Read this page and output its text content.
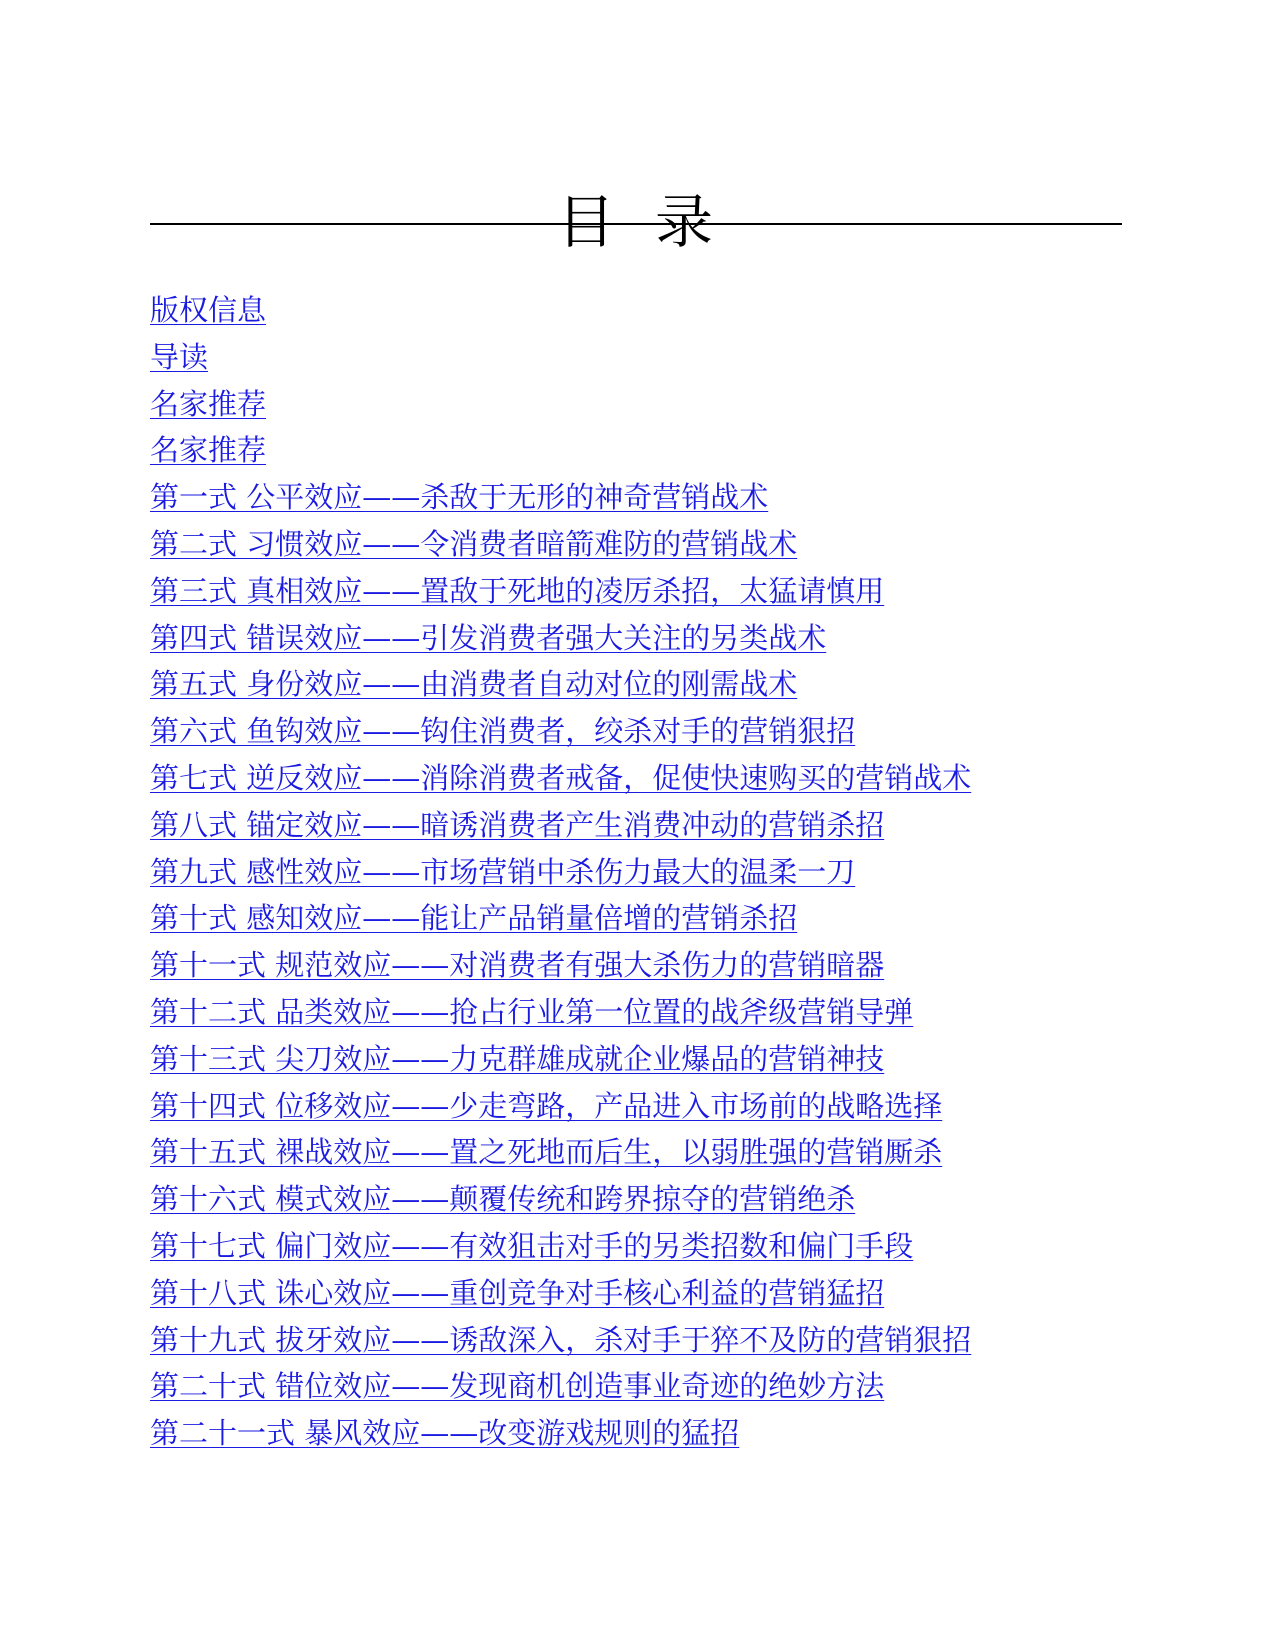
目录
版权信息
导读
名家推荐
名家推荐
第一式 公平效应——杀敌于无形的神奇营销战术
第二式 习惯效应——令消费者暗箭难防的营销战术
第三式 真相效应——置敌于死地的凌厉杀招，太猛请慎用
第四式 错误效应——引发消费者强大关注的另类战术
第五式 身份效应——由消费者自动对位的刚需战术
第六式 鱼钩效应——钩住消费者，绞杀对手的营销狠招
第七式 逆反效应——消除消费者戒备，促使快速购买的营销战术
第八式 锚定效应——暗诱消费者产生消费冲动的营销杀招
第九式 感性效应——市场营销中杀伤力最大的温柔一刀
第十式 感知效应——能让产品销量倍增的营销杀招
第十一式 规范效应——对消费者有强大杀伤力的营销暗器
第十二式 品类效应——抢占行业第一位置的战斧级营销导弹
第十三式 尖刀效应——力克群雄成就企业爆品的营销神技
第十四式 位移效应——少走弯路，产品进入市场前的战略选择
第十五式 裸战效应——置之死地而后生，以弱胜强的营销厮杀
第十六式 模式效应——颠覆传统和跨界掠夺的营销绝杀
第十七式 偏门效应——有效狙击对手的另类招数和偏门手段
第十八式 诛心效应——重创竞争对手核心利益的营销猛招
第十九式 拔牙效应——诱敌深入，杀对手于猝不及防的营销狠招
第二十式 错位效应——发现商机创造事业奇迹的绝妙方法
第二十一式 暴风效应——改变游戏规则的猛招
